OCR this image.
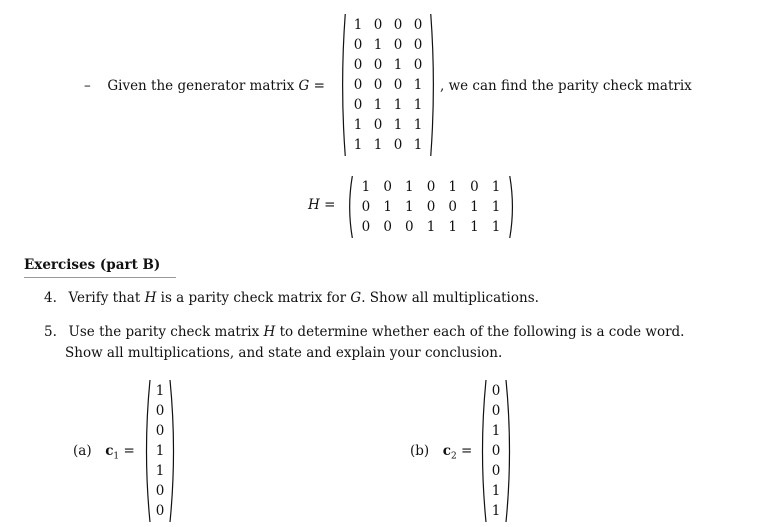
– Given the generator matrix G =
1 0 0 0
0 1 0 0
0 0 1 0
0 0 0 1
0 1 1 1
1 0 1 1
1 1 0 1
, we can find the parity check matrix
H =
1 0 1 0 1 0 1
0 1 1 0 0 1 1
0 0 0 1 1 1 1
Exercises (part B)
4. Verify that H is a parity check matrix for G. Show all multiplications.
5. Use the parity check matrix H to determine whether each of the following is a code word.
Show all multiplications, and state and explain your conclusion.
(a) $c_1$ =
1
0
0
1
1
0
0
(b) $c_2$ =
0
0
1
0
0
1
1
